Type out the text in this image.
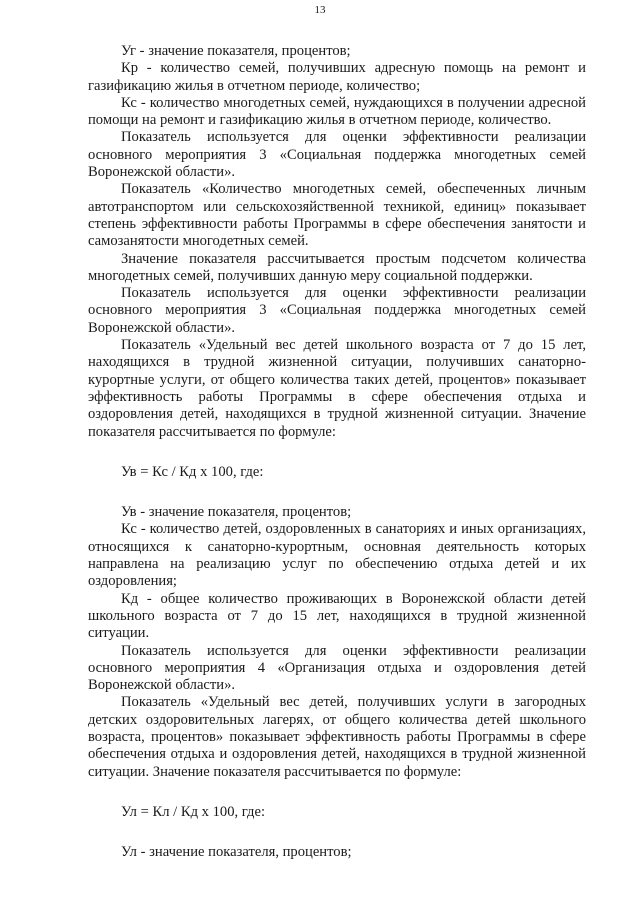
13

Уг - значение показателя, процентов;

Кр - количество семей, получивших адресную помощь на ремонт и газификацию жилья в отчетном периоде, количество;

Кс - количество многодетных семей, нуждающихся в получении адресной помощи на ремонт и газификацию жилья в отчетном периоде, количество.

Показатель используется для оценки эффективности реализации основного мероприятия 3 «Социальная поддержка многодетных семей Воронежской области».

Показатель «Количество многодетных семей, обеспеченных личным автотранспортом или сельскохозяйственной техникой, единиц» показывает степень эффективности работы Программы в сфере обеспечения занятости и самозанятости многодетных семей.

Значение показателя рассчитывается простым подсчетом количества многодетных семей, получивших данную меру социальной поддержки.

Показатель используется для оценки эффективности реализации основного мероприятия 3 «Социальная поддержка многодетных семей Воронежской области».

Показатель «Удельный вес детей школьного возраста от 7 до 15 лет, находящихся в трудной жизненной ситуации, получивших санаторно-курортные услуги, от общего количества таких детей, процентов» показывает эффективность работы Программы в сфере обеспечения отдыха и оздоровления детей, находящихся в трудной жизненной ситуации. Значение показателя рассчитывается по формуле:

Ув = Кс / Кд x 100, где:

Ув - значение показателя, процентов;

Кс - количество детей, оздоровленных в санаториях и иных организациях, относящихся к санаторно-курортным, основная деятельность которых направлена на реализацию услуг по обеспечению отдыха детей и их оздоровления;

Кд - общее количество проживающих в Воронежской области детей школьного возраста от 7 до 15 лет, находящихся в трудной жизненной ситуации.

Показатель используется для оценки эффективности реализации основного мероприятия 4 «Организация отдыха и оздоровления детей Воронежской области».

Показатель «Удельный вес детей, получивших услуги в загородных детских оздоровительных лагерях, от общего количества детей школьного возраста, процентов» показывает эффективность работы Программы в сфере обеспечения отдыха и оздоровления детей, находящихся в трудной жизненной ситуации. Значение показателя рассчитывается по формуле:

Ул = Кл / Кд x 100, где:

Ул - значение показателя, процентов;
